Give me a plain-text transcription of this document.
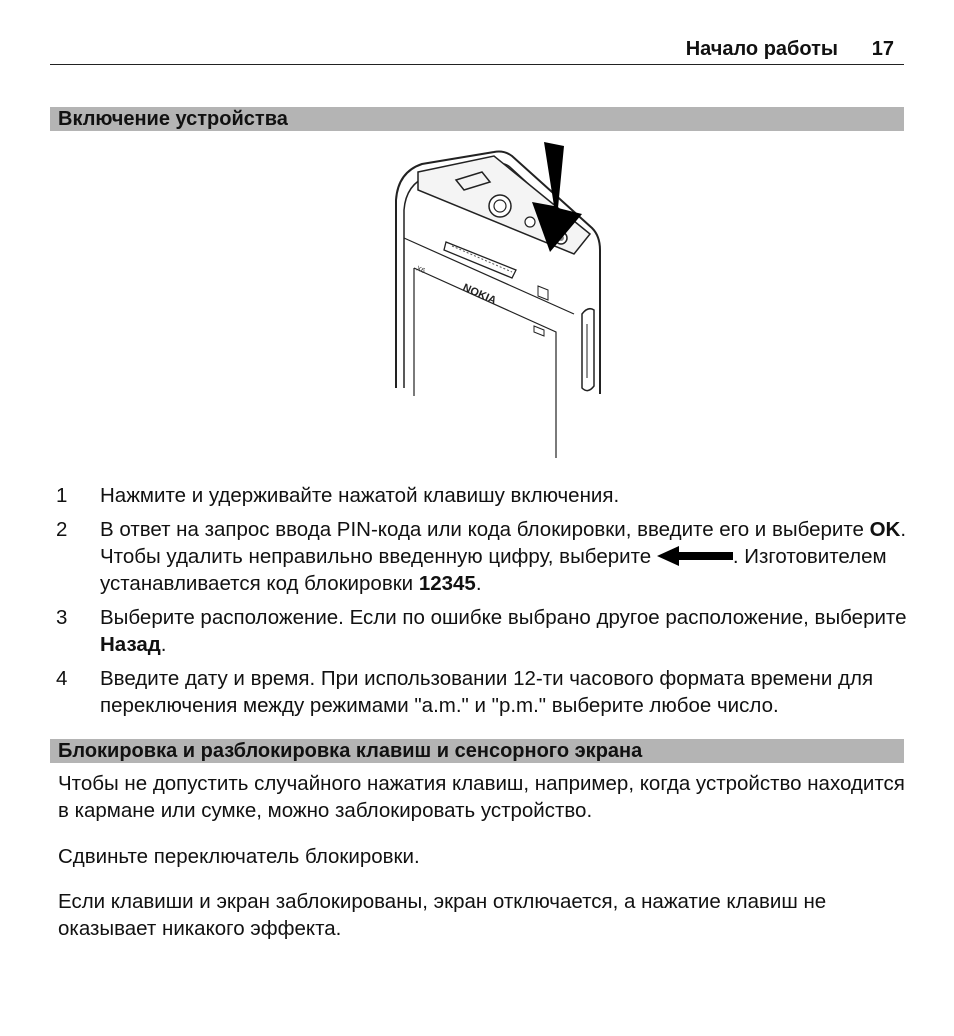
Начало работы 17
Включение устройства
X6
NOKIA
1 Нажмите и удерживайте нажатой клавишу включения.
2 В ответ на запрос ввода PIN-кода или кода блокировки, введите его и выберите OK. Чтобы удалить неправильно введенную цифру, выберите	. Изготовителем устанавливается код блокировки 12345.
3 Выберите расположение. Если по ошибке выбрано другое расположение, выберите Назад.
4 Введите дату и время. При использовании 12-ти часового формата времени для переключения между режимами "a.m." и "p.m." выберите любое число.
Блокировка и разблокировка клавиш и сенсорного экрана
Чтобы не допустить случайного нажатия клавиш, например, когда устройство находится в кармане или сумке, можно заблокировать устройство.
Сдвиньте переключатель блокировки.
Если клавиши и экран заблокированы, экран отключается, а нажатие клавиш не оказывает никакого эффекта.
